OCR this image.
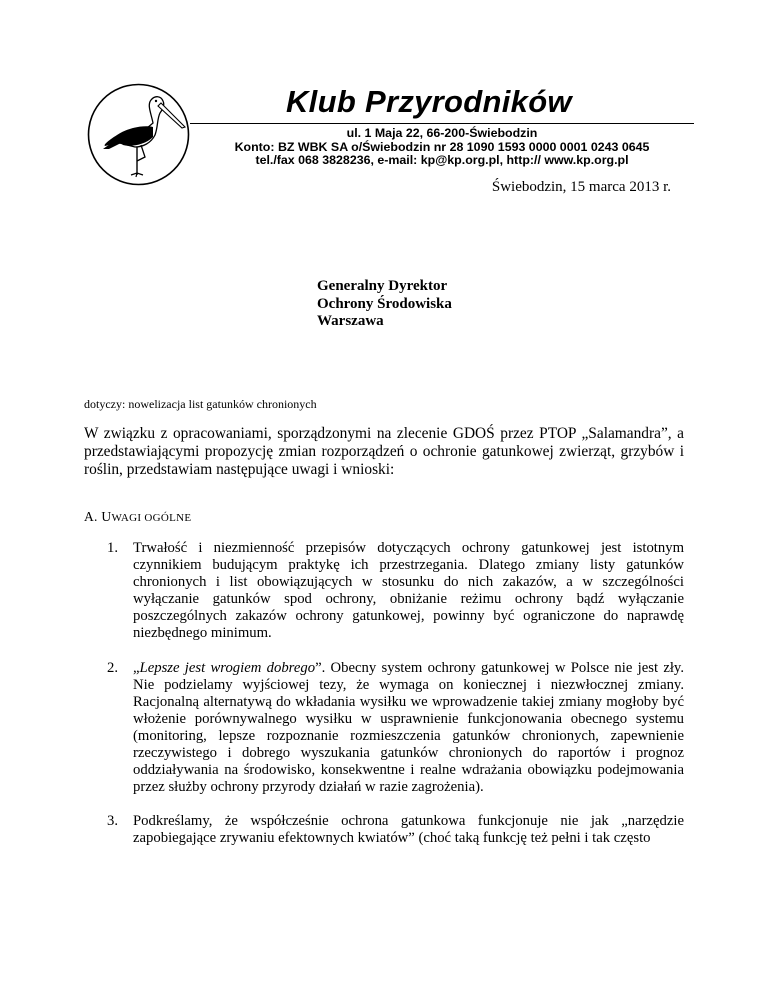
Klub Przyrodników
ul. 1 Maja 22, 66-200-Świebodzin
Konto: BZ WBK SA o/Świebodzin nr 28 1090 1593 0000 0001 0243 0645
tel./fax 068 3828236, e-mail: kp@kp.org.pl, http:// www.kp.org.pl
Świebodzin, 15 marca 2013 r.
Generalny Dyrektor
Ochrony Środowiska
Warszawa
dotyczy: nowelizacja list gatunków chronionych
W związku z opracowaniami, sporządzonymi na zlecenie GDOŚ przez PTOP „Salamandra”, a przedstawiającymi propozycję zmian rozporządzeń o ochronie gatunkowej zwierząt, grzybów i roślin, przedstawiam następujące uwagi i wnioski:
A. UWAGI OGÓLNE
1. Trwałość i niezmienność przepisów dotyczących ochrony gatunkowej jest istotnym czynnikiem budującym praktykę ich przestrzegania. Dlatego zmiany listy gatunków chronionych i list obowiązujących w stosunku do nich zakazów, a w szczególności wyłączanie gatunków spod ochrony, obniżanie reżimu ochrony bądź wyłączanie poszczególnych zakazów ochrony gatunkowej, powinny być ograniczone do naprawdę niezbędnego minimum.
2. „Lepsze jest wrogiem dobrego”. Obecny system ochrony gatunkowej w Polsce nie jest zły. Nie podzielamy wyjściowej tezy, że wymaga on koniecznej i niezwłocznej zmiany. Racjonalną alternatywą do wkładania wysiłku we wprowadzenie takiej zmiany mogłoby być włożenie porównywalnego wysiłku w usprawnienie funkcjonowania obecnego systemu (monitoring, lepsze rozpoznanie rozmieszczenia gatunków chronionych, zapewnienie rzeczywistego i dobrego wyszukania gatunków chronionych do raportów i prognoz oddziaływania na środowisko, konsekwentne i realne wdrażania obowiązku podejmowania przez służby ochrony przyrody działań w razie zagrożenia).
3. Podkreślamy, że współcześnie ochrona gatunkowa funkcjonuje nie jak „narzędzie zapobiegające zrywaniu efektownych kwiatów” (choć taką funkcję też pełni i tak często
